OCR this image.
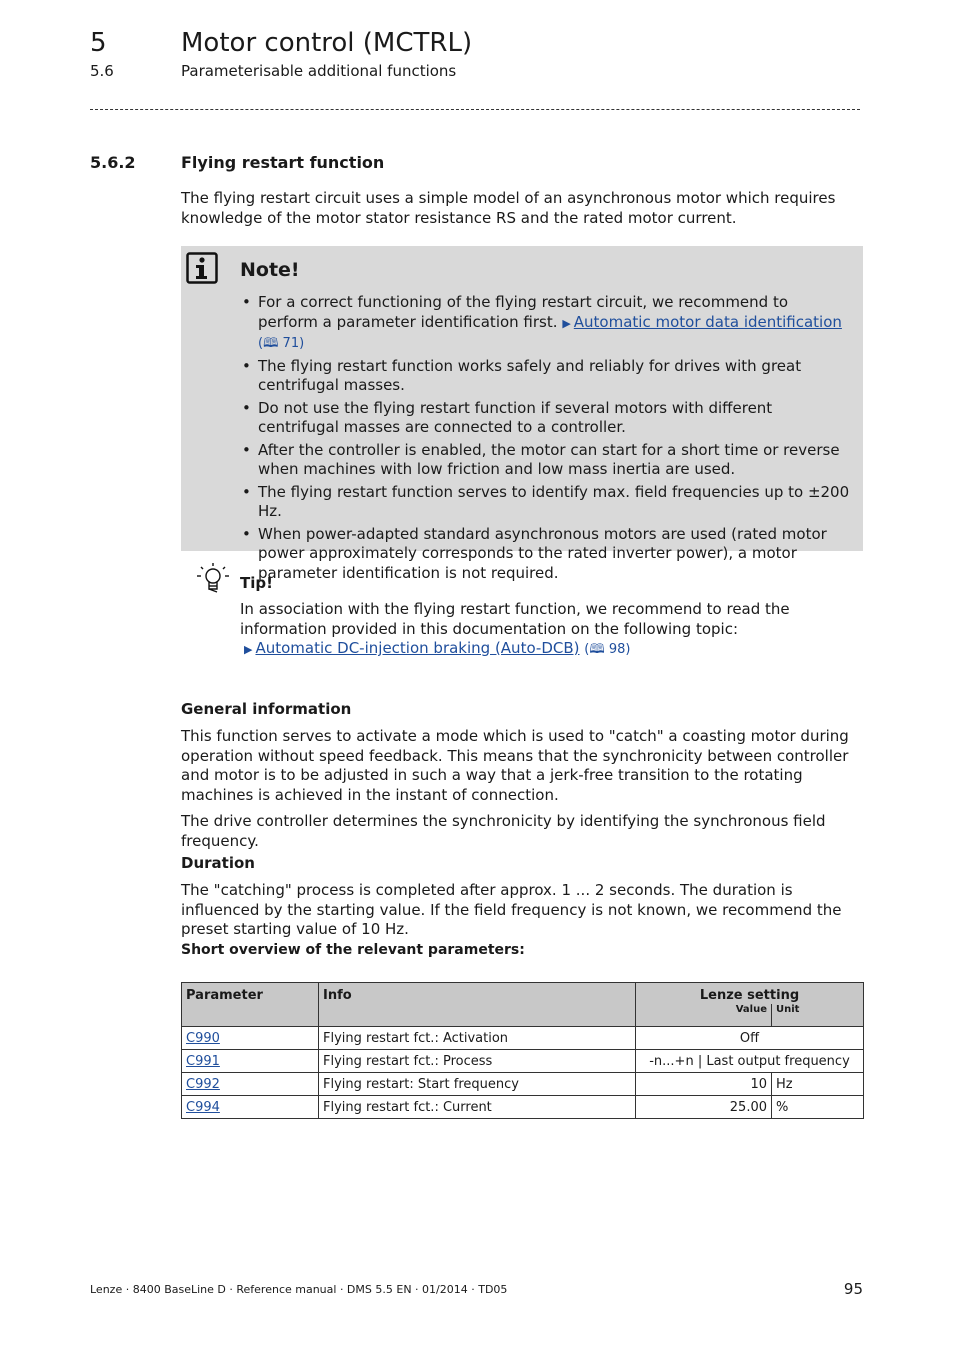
5	Motor control (MCTRL)
5.6	Parameterisable additional functions
5.6.2	Flying restart function
The flying restart circuit uses a simple model of an asynchronous motor which requires knowledge of the motor stator resistance RS and the rated motor current.
Note!
• For a correct functioning of the flying restart circuit, we recommend to perform a parameter identification first. ▶ Automatic motor data identification (🕮 71)
• The flying restart function works safely and reliably for drives with great centrifugal masses.
• Do not use the flying restart function if several motors with different centrifugal masses are connected to a controller.
• After the controller is enabled, the motor can start for a short time or reverse when machines with low friction and low mass inertia are used.
• The flying restart function serves to identify max. field frequencies up to ±200 Hz.
• When power-adapted standard asynchronous motors are used (rated motor power approximately corresponds to the rated inverter power), a motor parameter identification is not required.
Tip!
In association with the flying restart function, we recommend to read the information provided in this documentation on the following topic:
▶ Automatic DC-injection braking (Auto-DCB) (🕮 98)
General information
This function serves to activate a mode which is used to "catch" a coasting motor during operation without speed feedback. This means that the synchronicity between controller and motor is to be adjusted in such a way that a jerk-free transition to the rotating machines is achieved in the instant of connection.
The drive controller determines the synchronicity by identifying the synchronous field frequency.
Duration
The "catching" process is completed after approx. 1 ... 2 seconds. The duration is influenced by the starting value. If the field frequency is not known, we recommend the preset starting value of 10 Hz.
Short overview of the relevant parameters:
Parameter	Info	Lenze setting	
		Value	Unit
C990	Flying restart fct.: Activation	Off	
C991	Flying restart fct.: Process	-n...+n | Last output frequency	
C992	Flying restart: Start frequency	10	Hz
C994	Flying restart fct.: Current	25.00	%
Lenze · 8400 BaseLine D · Reference manual · DMS 5.5 EN · 01/2014 · TD05	95
